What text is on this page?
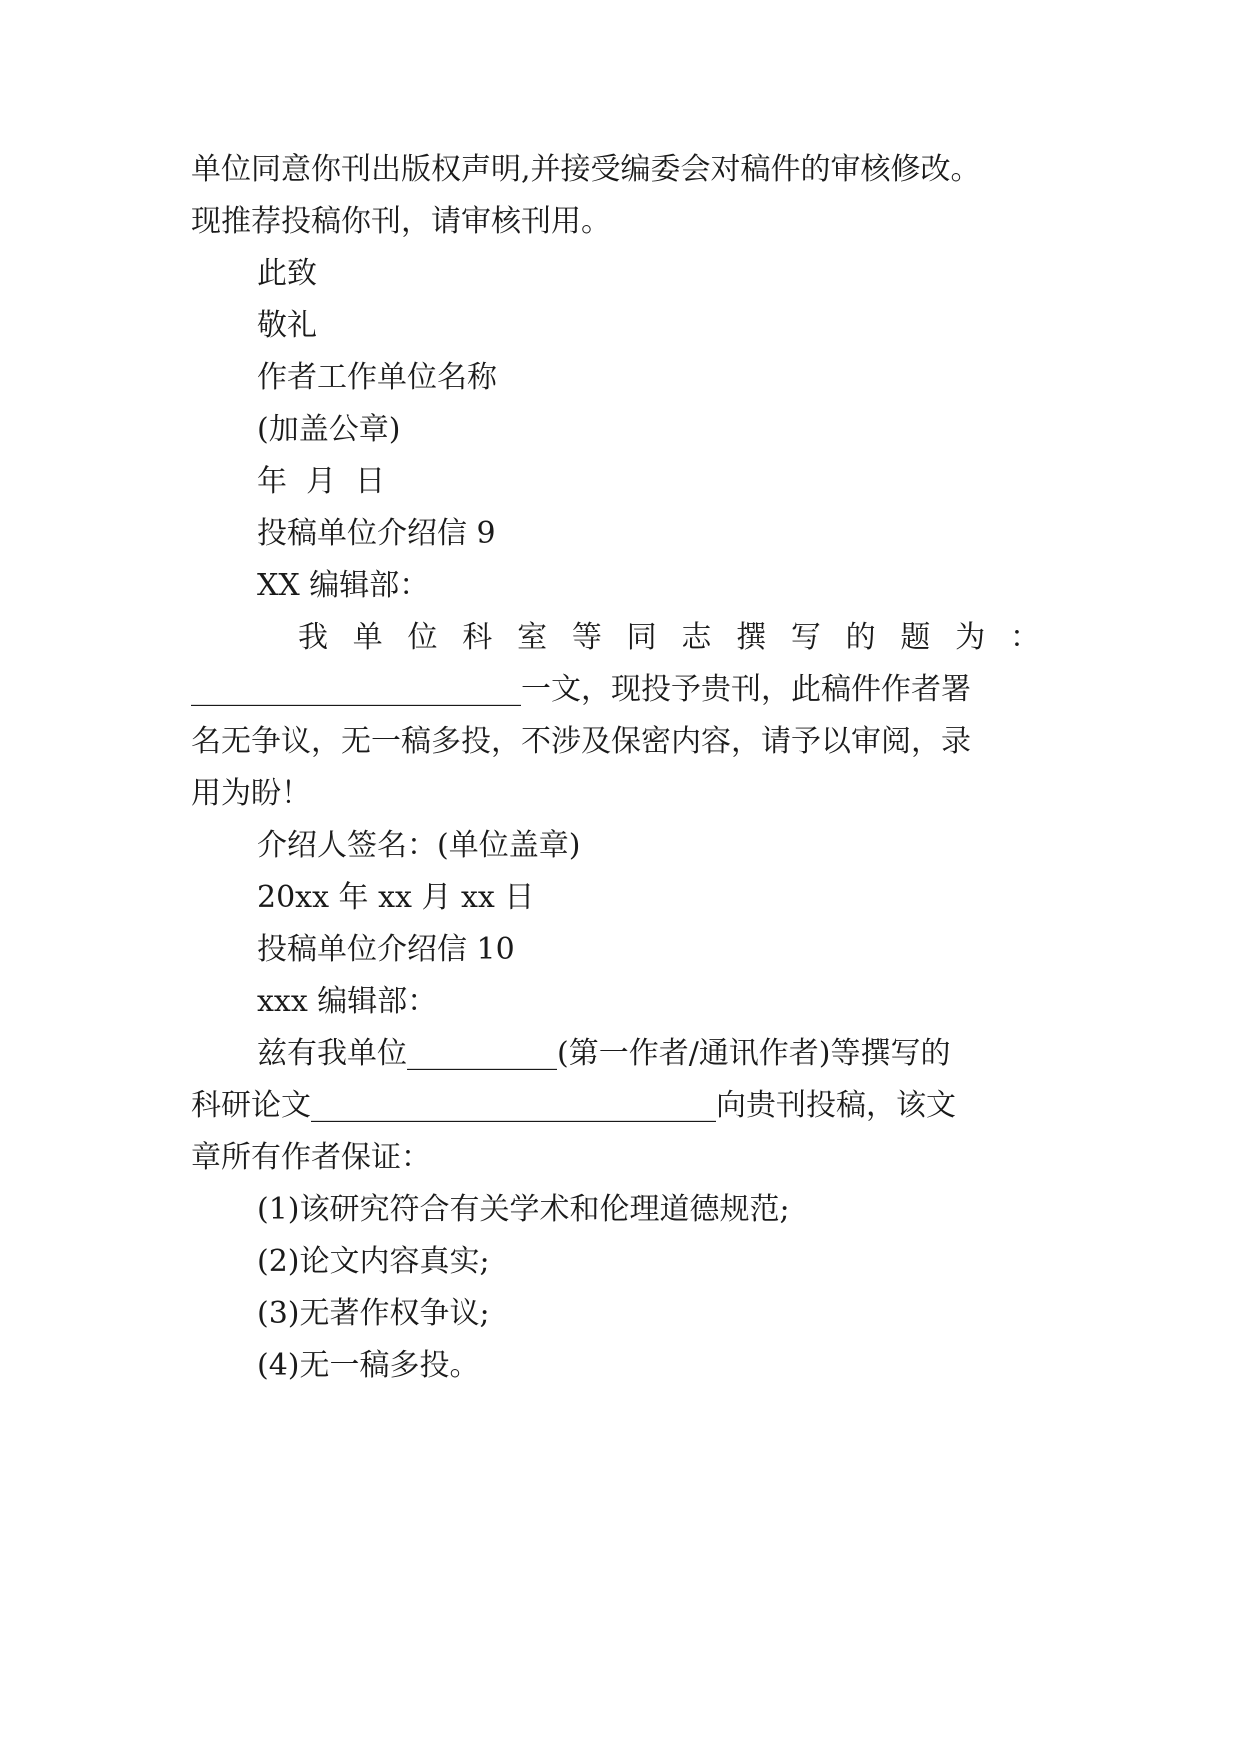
单位同意你刊出版权声明,并接受编委会对稿件的审核修改。
现推荐投稿你刊，请审核刊用。
此致
敬礼
作者工作单位名称
(加盖公章)
年  月  日
投稿单位介绍信 9
XX 编辑部：
我 单 位 科 室 等 同 志 撰 写 的 题 为 ：
______________________一文，现投予贵刊，此稿件作者署
名无争议，无一稿多投，不涉及保密内容，请予以审阅，录
用为盼！
介绍人签名：(单位盖章)
20xx 年 xx 月 xx 日
投稿单位介绍信 10
xxx 编辑部：
兹有我单位__________(第一作者/通讯作者)等撰写的
科研论文___________________________向贵刊投稿，该文
章所有作者保证：
(1)该研究符合有关学术和伦理道德规范;
(2)论文内容真实;
(3)无著作权争议;
(4)无一稿多投。
